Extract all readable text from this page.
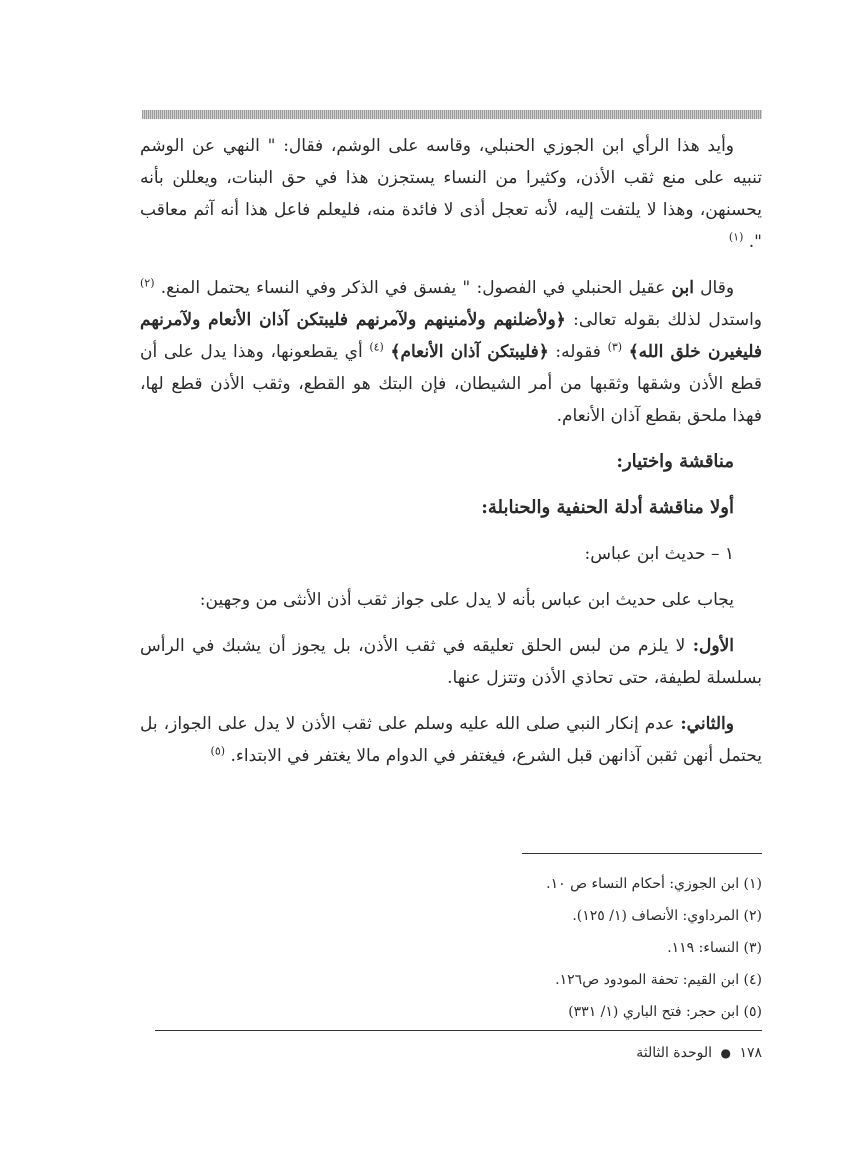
وأيد هذا الرأي ابن الجوزي الحنبلي، وقاسه على الوشم، فقال: " النهي عن الوشم تنبيه على منع ثقب الأذن، وكثيرا من النساء يستجزن هذا في حق البنات، ويعللن بأنه يحسنهن، وهذا لا يلتفت إليه، لأنه تعجل أذى لا فائدة منه، فليعلم فاعل هذا أنه آثم معاقب ". $^{(١)}$

وقال ابن عقيل الحنبلي في الفصول: " يفسق في الذكر وفي النساء يحتمل المنع. $^{(٢)}$ واستدل لذلك بقوله تعالى: ﴿ولأضلنهم ولأمنينهم ولآمرنهم فليبتكن آذان الأنعام ولآمرنهم فليغيرن خلق الله﴾ $^{(٣)}$ فقوله: ﴿فليبتكن آذان الأنعام﴾ $^{(٤)}$ أي يقطعونها، وهذا يدل على أن قطع الأذن وشقها وثقبها من أمر الشيطان، فإن البتك هو القطع، وثقب الأذن قطع لها، فهذا ملحق بقطع آذان الأنعام.

مناقشة واختيار:

أولا مناقشة أدلة الحنفية والحنابلة:

١ – حديث ابن عباس:

يجاب على حديث ابن عباس بأنه لا يدل على جواز ثقب أذن الأنثى من وجهين:

الأول: لا يلزم من لبس الحلق تعليقه في ثقب الأذن، بل يجوز أن يشبك في الرأس بسلسلة لطيفة، حتى تحاذي الأذن وتتزل عنها.

والثاني: عدم إنكار النبي صلى الله عليه وسلم على ثقب الأذن لا يدل على الجواز، بل يحتمل أنهن ثقبن آذانهن قبل الشرع، فيغتفر في الدوام مالا يغتفر في الابتداء. $^{(٥)}$

(١) ابن الجوزي: أحكام النساء ص ١٠.
(٢) المرداوي: الأنصاف (١/ ١٢٥).
(٣) النساء: ١١٩.
(٤) ابن القيم: تحفة المودود ص١٢٦.
(٥) ابن حجر: فتح الباري (١/ ٣٣١)
١٧٨ ● الوحدة الثالثة
